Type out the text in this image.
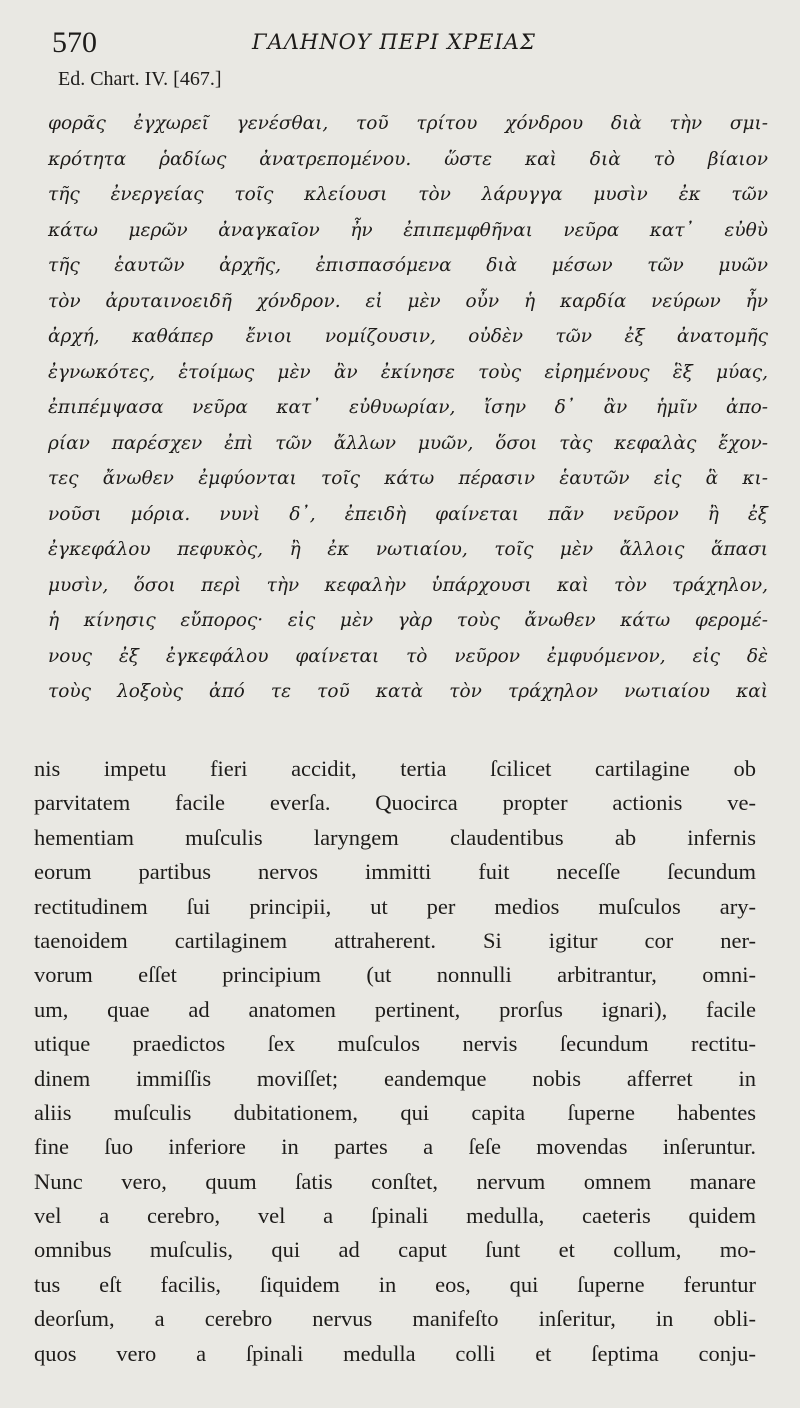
570	ΓΑΛΗΝΟΥ ΠΕΡΙ ΧΡΕΙΑΣ
Ed. Chart. IV. [467.]
φορᾶς ἐγχωρεῖ γενέσθαι, τοῦ τρίτου χόνδρου διὰ τὴν σμι-
κρότητα ῥαδίως ἀνατρεπομένου. ὥστε καὶ διὰ τὸ βίαιον
τῆς ἐνεργείας τοῖς κλείουσι τὸν λάρυγγα μυσὶν ἐκ τῶν
κάτω μερῶν ἀναγκαῖον ἦν ἐπιπεμφθῆναι νεῦρα κατ᾽ εὐθὺ
τῆς ἑαυτῶν ἀρχῆς, ἐπισπασόμενα διὰ μέσων τῶν μυῶν
τὸν ἀρυταινοειδῆ χόνδρον. εἰ μὲν οὖν ἡ καρδία νεύρων ἦν
ἀρχή, καθάπερ ἔνιοι νομίζουσιν, οὐδὲν τῶν ἐξ ἀνατομῆς
ἐγνωκότες, ἑτοίμως μὲν ἂν ἐκίνησε τοὺς εἰρημένους ἓξ μύας,
ἐπιπέμψασα νεῦρα κατ᾽ εὐθυωρίαν, ἴσην δ᾽ ἂν ἡμῖν ἀπο-
ρίαν παρέσχεν ἐπὶ τῶν ἄλλων μυῶν, ὅσοι τὰς κεφαλὰς ἔχον-
τες ἄνωθεν ἐμφύονται τοῖς κάτω πέρασιν ἑαυτῶν εἰς ἃ κι-
νοῦσι μόρια. νυνὶ δ᾽, ἐπειδὴ φαίνεται πᾶν νεῦρον ἢ ἐξ
ἐγκεφάλου πεφυκὸς, ἢ ἐκ νωτιαίου, τοῖς μὲν ἄλλοις ἅπασι
μυσὶν, ὅσοι περὶ τὴν κεφαλὴν ὑπάρχουσι καὶ τὸν τράχηλον,
ἡ κίνησις εὔπορος· εἰς μὲν γὰρ τοὺς ἄνωθεν κάτω φερομέ-
νους ἐξ ἐγκεφάλου φαίνεται τὸ νεῦρον ἐμφυόμενον, εἰς δὲ
τοὺς λοξοὺς ἀπό τε τοῦ κατὰ τὸν τράχηλον νωτιαίου καὶ
nis impetu fieri accidit, tertia ſcilicet cartilagine ob
parvitatem facile everſa. Quocirca propter actionis ve-
hementiam muſculis laryngem claudentibus ab infernis
eorum partibus nervos immitti fuit neceſſe ſecundum
rectitudinem ſui principii, ut per medios muſculos ary-
taenoidem cartilaginem attraherent. Si igitur cor ner-
vorum eſſet principium (ut nonnulli arbitrantur, omni-
um, quae ad anatomen pertinent, prorſus ignari), facile
utique praedictos ſex muſculos nervis ſecundum rectitu-
dinem immiſſis moviſſet; eandemque nobis afferret in
aliis muſculis dubitationem, qui capita ſuperne habentes
fine ſuo inferiore in partes a ſeſe movendas inſeruntur.
Nunc vero, quum ſatis conſtet, nervum omnem manare
vel a cerebro, vel a ſpinali medulla, caeteris quidem
omnibus muſculis, qui ad caput ſunt et collum, mo-
tus eſt facilis, ſiquidem in eos, qui ſuperne feruntur
deorſum, a cerebro nervus manifeſto inſeritur, in obli-
quos vero a ſpinali medulla colli et ſeptima conju-
